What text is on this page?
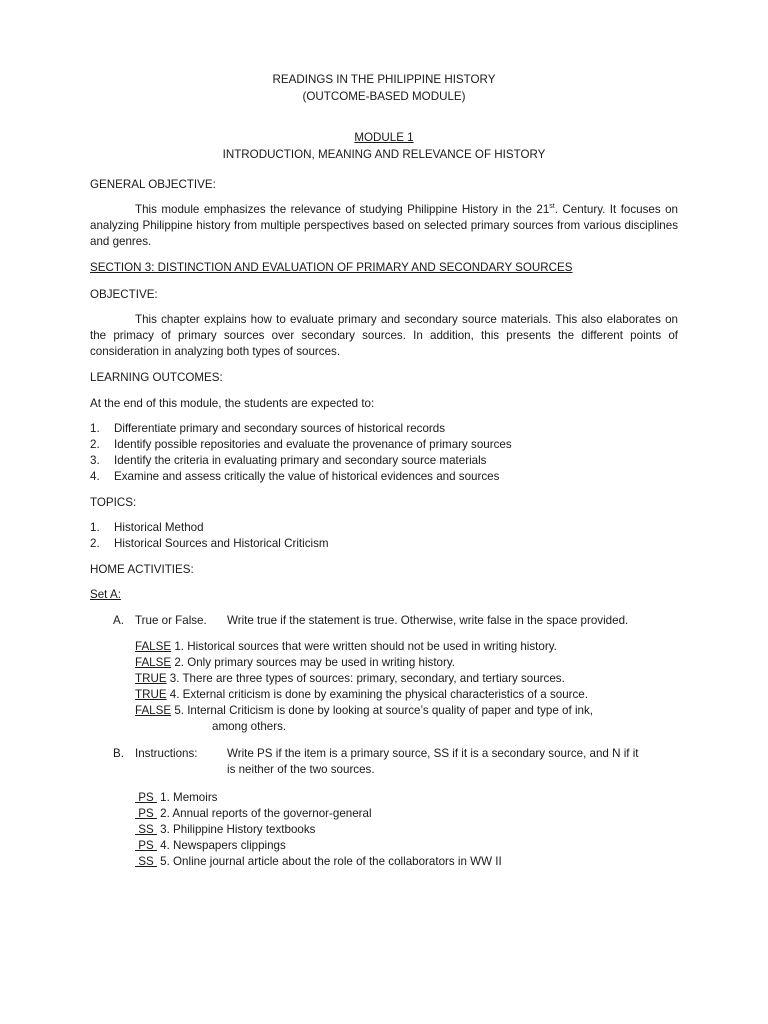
READINGS IN THE PHILIPPINE HISTORY
(OUTCOME-BASED MODULE)
MODULE 1
INTRODUCTION, MEANING AND RELEVANCE OF HISTORY
GENERAL OBJECTIVE:
This module emphasizes the relevance of studying Philippine History in the 21st. Century. It focuses on analyzing Philippine history from multiple perspectives based on selected primary sources from various disciplines and genres.
SECTION 3: DISTINCTION AND EVALUATION OF PRIMARY AND SECONDARY SOURCES
OBJECTIVE:
This chapter explains how to evaluate primary and secondary source materials. This also elaborates on the primacy of primary sources over secondary sources. In addition, this presents the different points of consideration in analyzing both types of sources.
LEARNING OUTCOMES:
At the end of this module, the students are expected to:
1.	Differentiate primary and secondary sources of historical records
2.	Identify possible repositories and evaluate the provenance of primary sources
3.	Identify the criteria in evaluating primary and secondary source materials
4.	Examine and assess critically the value of historical evidences and sources
TOPICS:
1.	Historical Method
2.	Historical Sources and Historical Criticism
HOME ACTIVITIES:
Set A:
A. True or False.	Write true if the statement is true. Otherwise, write false in the space provided.
FALSE 1. Historical sources that were written should not be used in writing history.
FALSE 2. Only primary sources may be used in writing history.
TRUE 3. There are three types of sources: primary, secondary, and tertiary sources.
TRUE 4. External criticism is done by examining the physical characteristics of a source.
FALSE 5. Internal Criticism is done by looking at source’s quality of paper and type of ink,
among others.
B. Instructions:	Write PS if the item is a primary source, SS if it is a secondary source, and N if it
is neither of the two sources.
PS  1. Memoirs
PS  2. Annual reports of the governor-general
SS  3. Philippine History textbooks
PS  4. Newspapers clippings
SS  5. Online journal article about the role of the collaborators in WW II
